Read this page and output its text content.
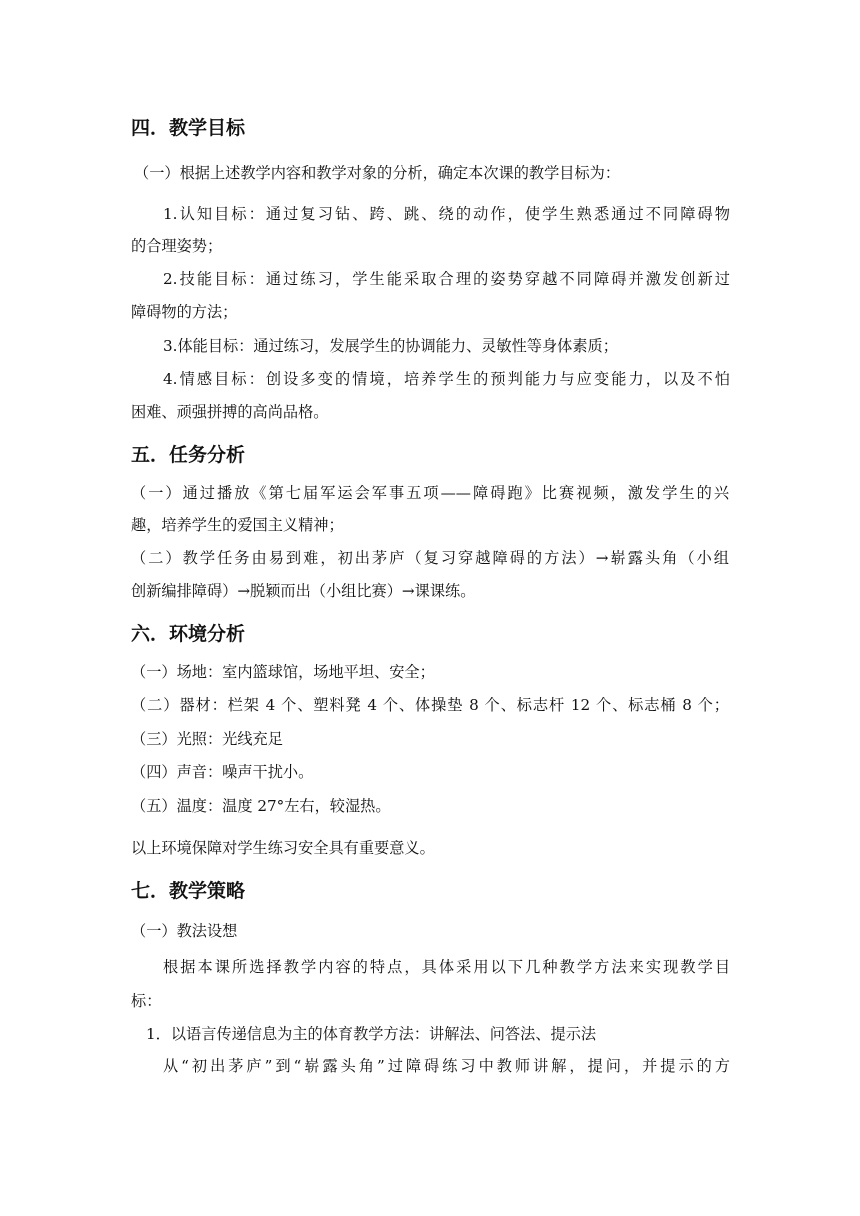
四．教学目标
（一）根据上述教学内容和教学对象的分析，确定本次课的教学目标为：
1.认知目标：通过复习钻、跨、跳、绕的动作，使学生熟悉通过不同障碍物
的合理姿势；
2.技能目标：通过练习，学生能采取合理的姿势穿越不同障碍并激发创新过
障碍物的方法；
3.体能目标：通过练习，发展学生的协调能力、灵敏性等身体素质；
4.情感目标：创设多变的情境，培养学生的预判能力与应变能力，以及不怕
困难、顽强拼搏的高尚品格。
五．任务分析
（一）通过播放《第七届军运会军事五项——障碍跑》比赛视频，激发学生的兴
趣，培养学生的爱国主义精神；
（二）教学任务由易到难，初出茅庐（复习穿越障碍的方法）→崭露头角（小组
创新编排障碍）→脱颖而出（小组比赛）→课课练。
六．环境分析
（一）场地：室内篮球馆，场地平坦、安全；
（二）器材：栏架 4 个、塑料凳 4 个、体操垫 8 个、标志杆 12 个、标志桶 8 个；
（三）光照：光线充足
（四）声音：噪声干扰小。
（五）温度：温度 27°左右，较湿热。
以上环境保障对学生练习安全具有重要意义。
七．教学策略
（一）教法设想
根据本课所选择教学内容的特点，具体采用以下几种教学方法来实现教学目
标：
1．以语言传递信息为主的体育教学方法：讲解法、问答法、提示法
从“初出茅庐”到“崭露头角”过障碍练习中教师讲解，提问，并提示的方
